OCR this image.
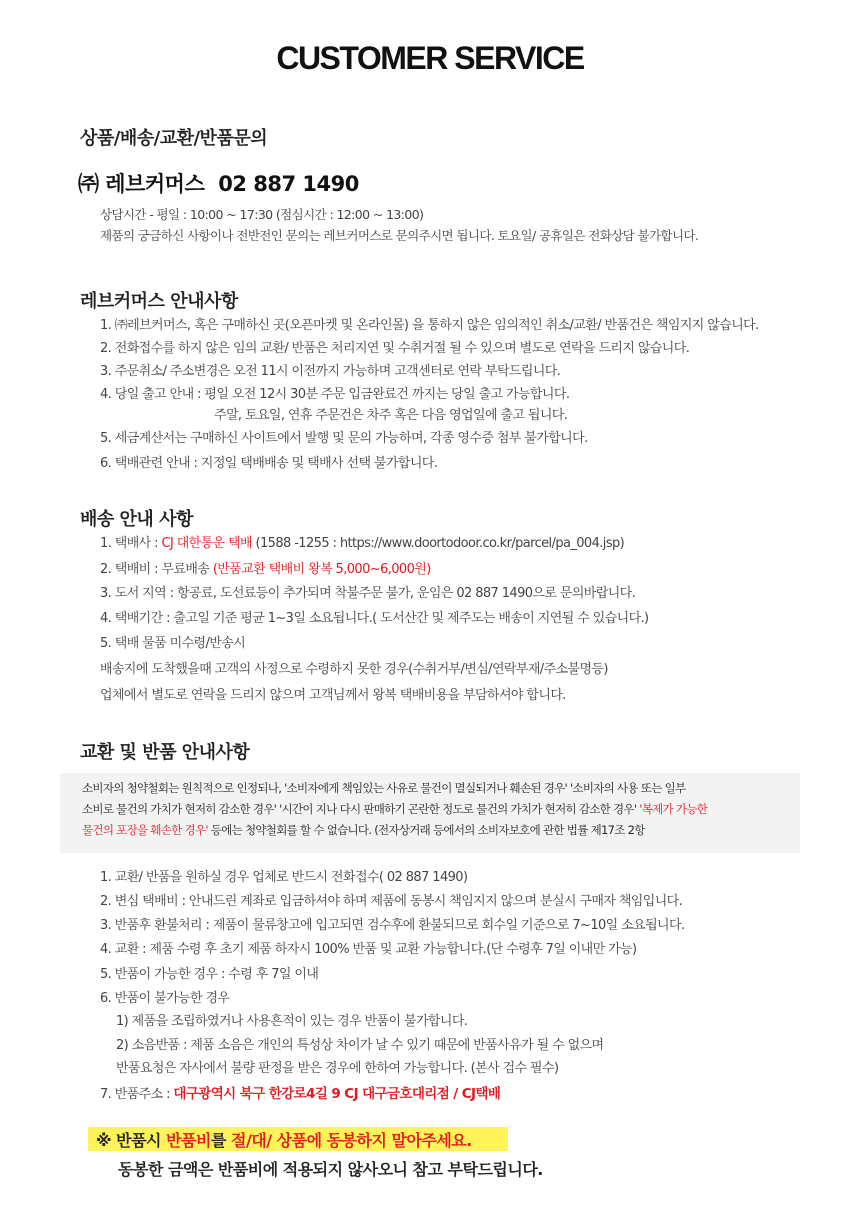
CUSTOMER SERVICE
상품/배송/교환/반품문의
㈜ 레브커머스 02 887 1490
상담시간 - 평일 : 10:00 ~ 17:30 (점심시간 : 12:00 ~ 13:00)
제품의 궁금하신 사항이나 전반전인 문의는 레브커머스로 문의주시면 됩니다. 토요일/ 공휴일은 전화상담 불가합니다.
레브커머스 안내사항
1. ㈜레브커머스, 혹은 구매하신 곳(오픈마켓 및 온라인몰) 을 통하지 않은 임의적인 취소/교환/ 반품건은 책임지지 않습니다.
2. 전화접수를 하지 않은 임의 교환/ 반품은 처리지연 및 수취거절 될 수 있으며 별도로 연락을 드리지 않습니다.
3. 주문취소/ 주소변경은 오전 11시 이전까지 가능하며 고객센터로 연락 부탁드립니다.
4. 당일 출고 안내 : 평일 오전 12시 30분 주문 입금완료건 까지는 당일 출고 가능합니다.
주말, 토요일, 연휴 주문건은 차주 혹은 다음 영업일에 출고 됩니다.
5. 세금계산서는 구매하신 사이트에서 발행 및 문의 가능하며, 각종 영수증 첨부 불가합니다.
6. 택배관련 안내 : 지정일 택배배송 및 택배사 선택 불가합니다.
배송 안내 사항
1. 택배사 : CJ 대한통운 택배 (1588 -1255 : https://www.doortodoor.co.kr/parcel/pa_004.jsp)
2. 택배비 : 무료배송 (반품교환 택배비 왕복 5,000~6,000원)
3. 도서 지역 : 항공료, 도선료등이 추가되며 착불주문 불가, 운임은 02 887 1490으로 문의바랍니다.
4. 택배기간 : 출고일 기준 평균 1~3일 소요됩니다.( 도서산간 및 제주도는 배송이 지연될 수 있습니다.)
5. 택배 물품 미수령/반송시
배송지에 도착했을때 고객의 사정으로 수령하지 못한 경우(수취거부/변심/연락부재/주소불명등)
업체에서 별도로 연락을 드리지 않으며 고객님께서 왕복 택배비용을 부담하셔야 합니다.
교환 및 반품 안내사항
소비자의 청약철회는 원칙적으로 인정되나, '소비자에게 책임있는 사유로 물건이 멸실되거나 훼손된 경우' '소비자의 사용 또는 일부
소비로 물건의 가치가 현저히 감소한 경우' '시간이 지나 다시 판매하기 곤란한 정도로 물건의 가치가 현저히 감소한 경우' '복제가 가능한
물건의 포장을 훼손한 경우' 등에는 청약철회를 할 수 없습니다. (전자상거래 등에서의 소비자보호에 관한 법률 제17조 2항
1. 교환/ 반품을 원하실 경우 업체로 반드시 전화접수( 02 887 1490)
2. 변심 택배비 : 안내드린 계좌로 입금하셔야 하며 제품에 동봉시 책임지지 않으며 분실시 구매자 책임입니다.
3. 반품후 환불처리 : 제품이 물류창고에 입고되면 검수후에 환불되므로 회수일 기준으로 7~10일 소요됩니다.
4. 교환 : 제품 수령 후 초기 제품 하자시 100% 반품 및 교환 가능합니다.(단 수령후 7일 이내만 가능)
5. 반품이 가능한 경우 : 수령 후 7일 이내
6. 반품이 불가능한 경우
1) 제품을 조립하였거나 사용흔적이 있는 경우 반품이 불가합니다.
2) 소음반품 : 제품 소음은 개인의 특성상 차이가 날 수 있기 때문에 반품사유가 될 수 없으며
반품요청은 자사에서 불량 판정을 받은 경우에 한하여 가능합니다. (본사 검수 필수)
7. 반품주소 : 대구광역시 북구 한강로4길 9 CJ 대구금호대리점 / CJ택배
※ 반품시 반품비를 절/대/ 상품에 동봉하지 말아주세요.
동봉한 금액은 반품비에 적용되지 않사오니 참고 부탁드립니다.
